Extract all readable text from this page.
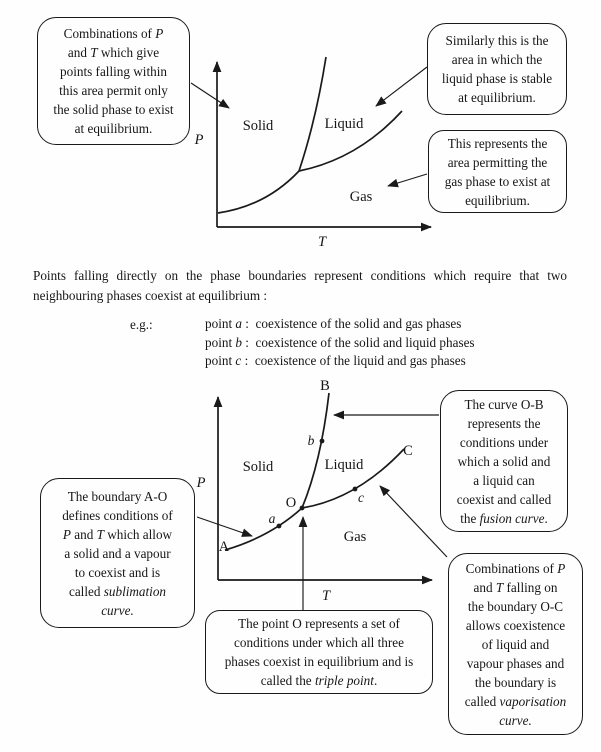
P
T
Solid	Liquid
Gas
P
T
Solid	Liquid
Gas
A
B
C
O
a
b
c
Combinations of P
and T which give
points falling within
this area permit only
the solid phase to exist
at equilibrium.
Similarly this is the
area in which the
liquid phase is stable
at equilibrium.
This represents the
area permitting the
gas phase to exist at
equilibrium.
Points falling directly on the phase boundaries represent conditions which require that two
neighbouring phases coexist at equilibrium :
e.g.:	point a :  coexistence of the solid and gas phases
point b :  coexistence of the solid and liquid phases
point c :  coexistence of the liquid and gas phases
The boundary A-O
defines conditions of
P and T which allow
a solid and a vapour
to coexist and is
called sublimation
curve.
The point O represents a set of
conditions under which all three
phases coexist in equilibrium and is
called the triple point.
The curve O-B
represents the
conditions under
which a solid and
a liquid can
coexist and called
the fusion curve.
Combinations of P
and T falling on
the boundary O-C
allows coexistence
of liquid and
vapour phases and
the boundary is
called vaporisation
curve.
